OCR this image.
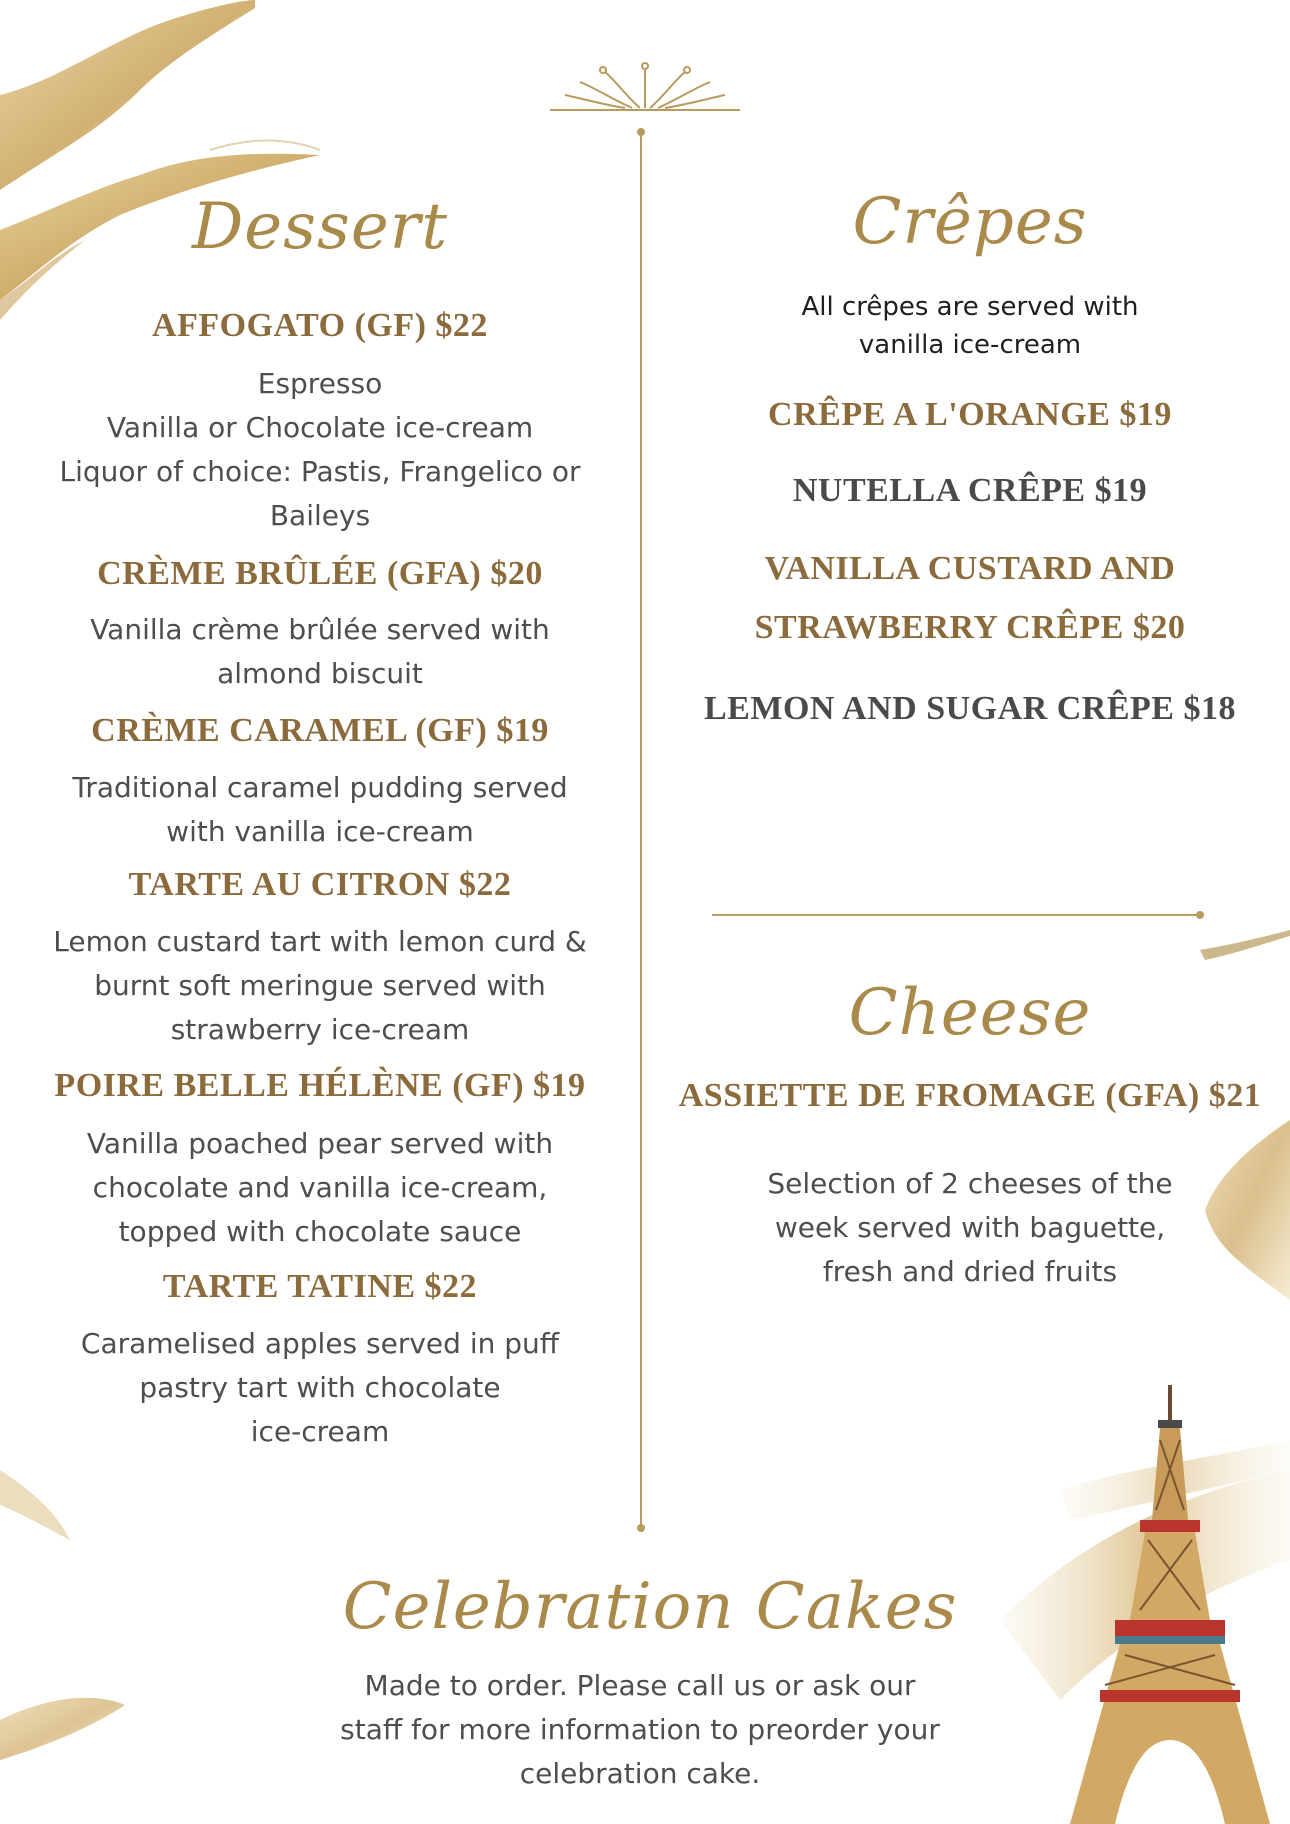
Dessert
AFFOGATO (GF) $22
Espresso
Vanilla or Chocolate ice-cream
Liquor of choice: Pastis, Frangelico or
Baileys
CRÈME BRÛLÉE (GFA) $20
Vanilla crème brûlée served with
almond biscuit
CRÈME CARAMEL (GF) $19
Traditional caramel pudding served
with vanilla ice-cream
TARTE AU CITRON $22
Lemon custard tart with lemon curd &
burnt soft meringue served with
strawberry ice-cream
POIRE BELLE HÉLÈNE (GF) $19
Vanilla poached pear served with
chocolate and vanilla ice-cream,
topped with chocolate sauce
TARTE TATINE $22
Caramelised apples served in puff
pastry tart with chocolate
ice-cream
Crêpes
All crêpes are served with
vanilla ice-cream
CRÊPE A L'ORANGE $19
NUTELLA CRÊPE $19
VANILLA CUSTARD AND
STRAWBERRY CRÊPE $20
LEMON AND SUGAR CRÊPE $18
Cheese
ASSIETTE DE FROMAGE (GFA) $21
Selection of 2 cheeses of the
week served with baguette,
fresh and dried fruits
Celebration Cakes
Made to order. Please call us or ask our
staff for more information to preorder your
celebration cake.
